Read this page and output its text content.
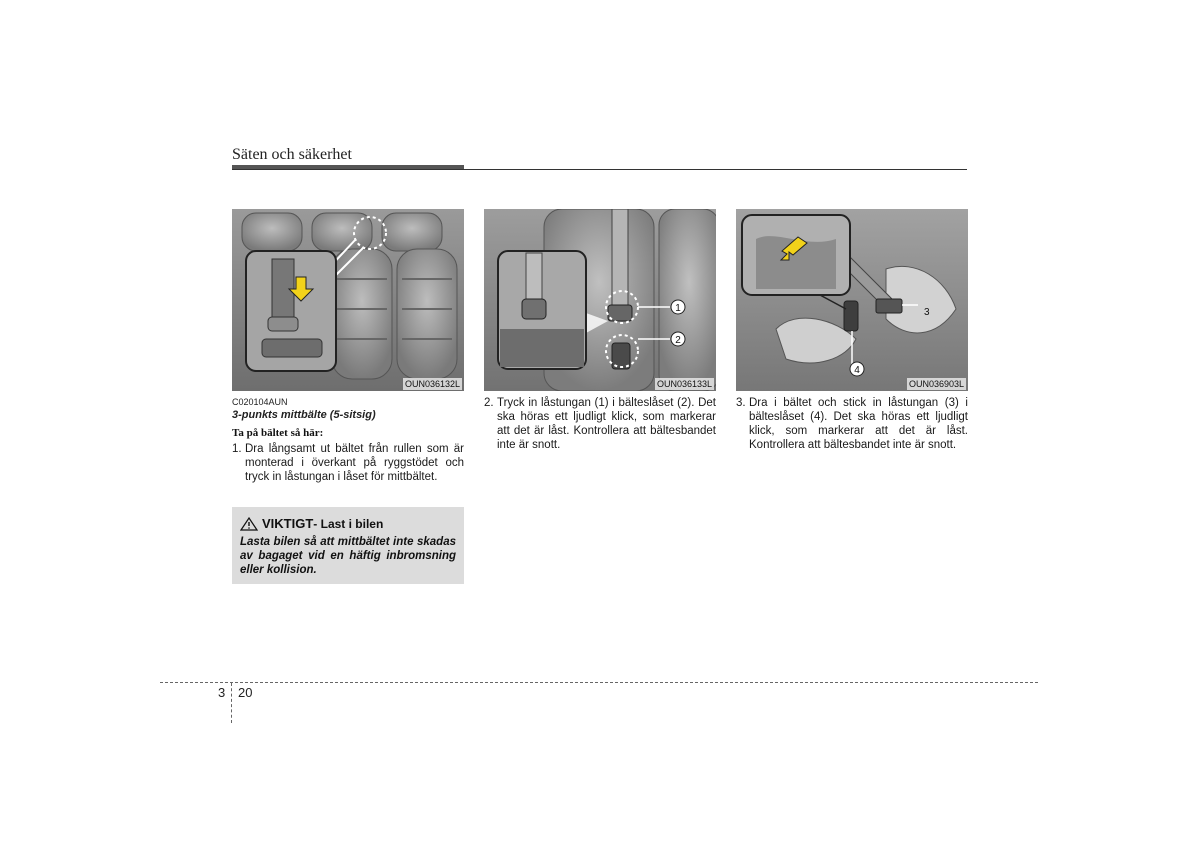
Säten och säkerhet
OUN036132L
1
2
OUN036133L
3
4
OUN036903L
C020104AUN
3-punkts mittbälte (5-sitsig)
Ta på bältet så här:
1. Dra långsamt ut bältet från rullen som är monterad i överkant på ryggstödet och tryck in låstungan i låset för mittbältet.
VIKTIGT - Last i bilen
Lasta bilen så att mittbältet inte skadas av bagaget vid en häftig inbromsning eller kollision.
2. Tryck in låstungan (1) i bälteslåset (2). Det ska höras ett ljudligt klick, som markerar att det är låst. Kontrollera att bältesbandet inte är snott.
3. Dra i bältet och stick in låstungan (3) i bälteslåset (4). Det ska höras ett ljudligt klick, som markerar att det är låst. Kontrollera att bältesbandet inte är snott.
3 20
